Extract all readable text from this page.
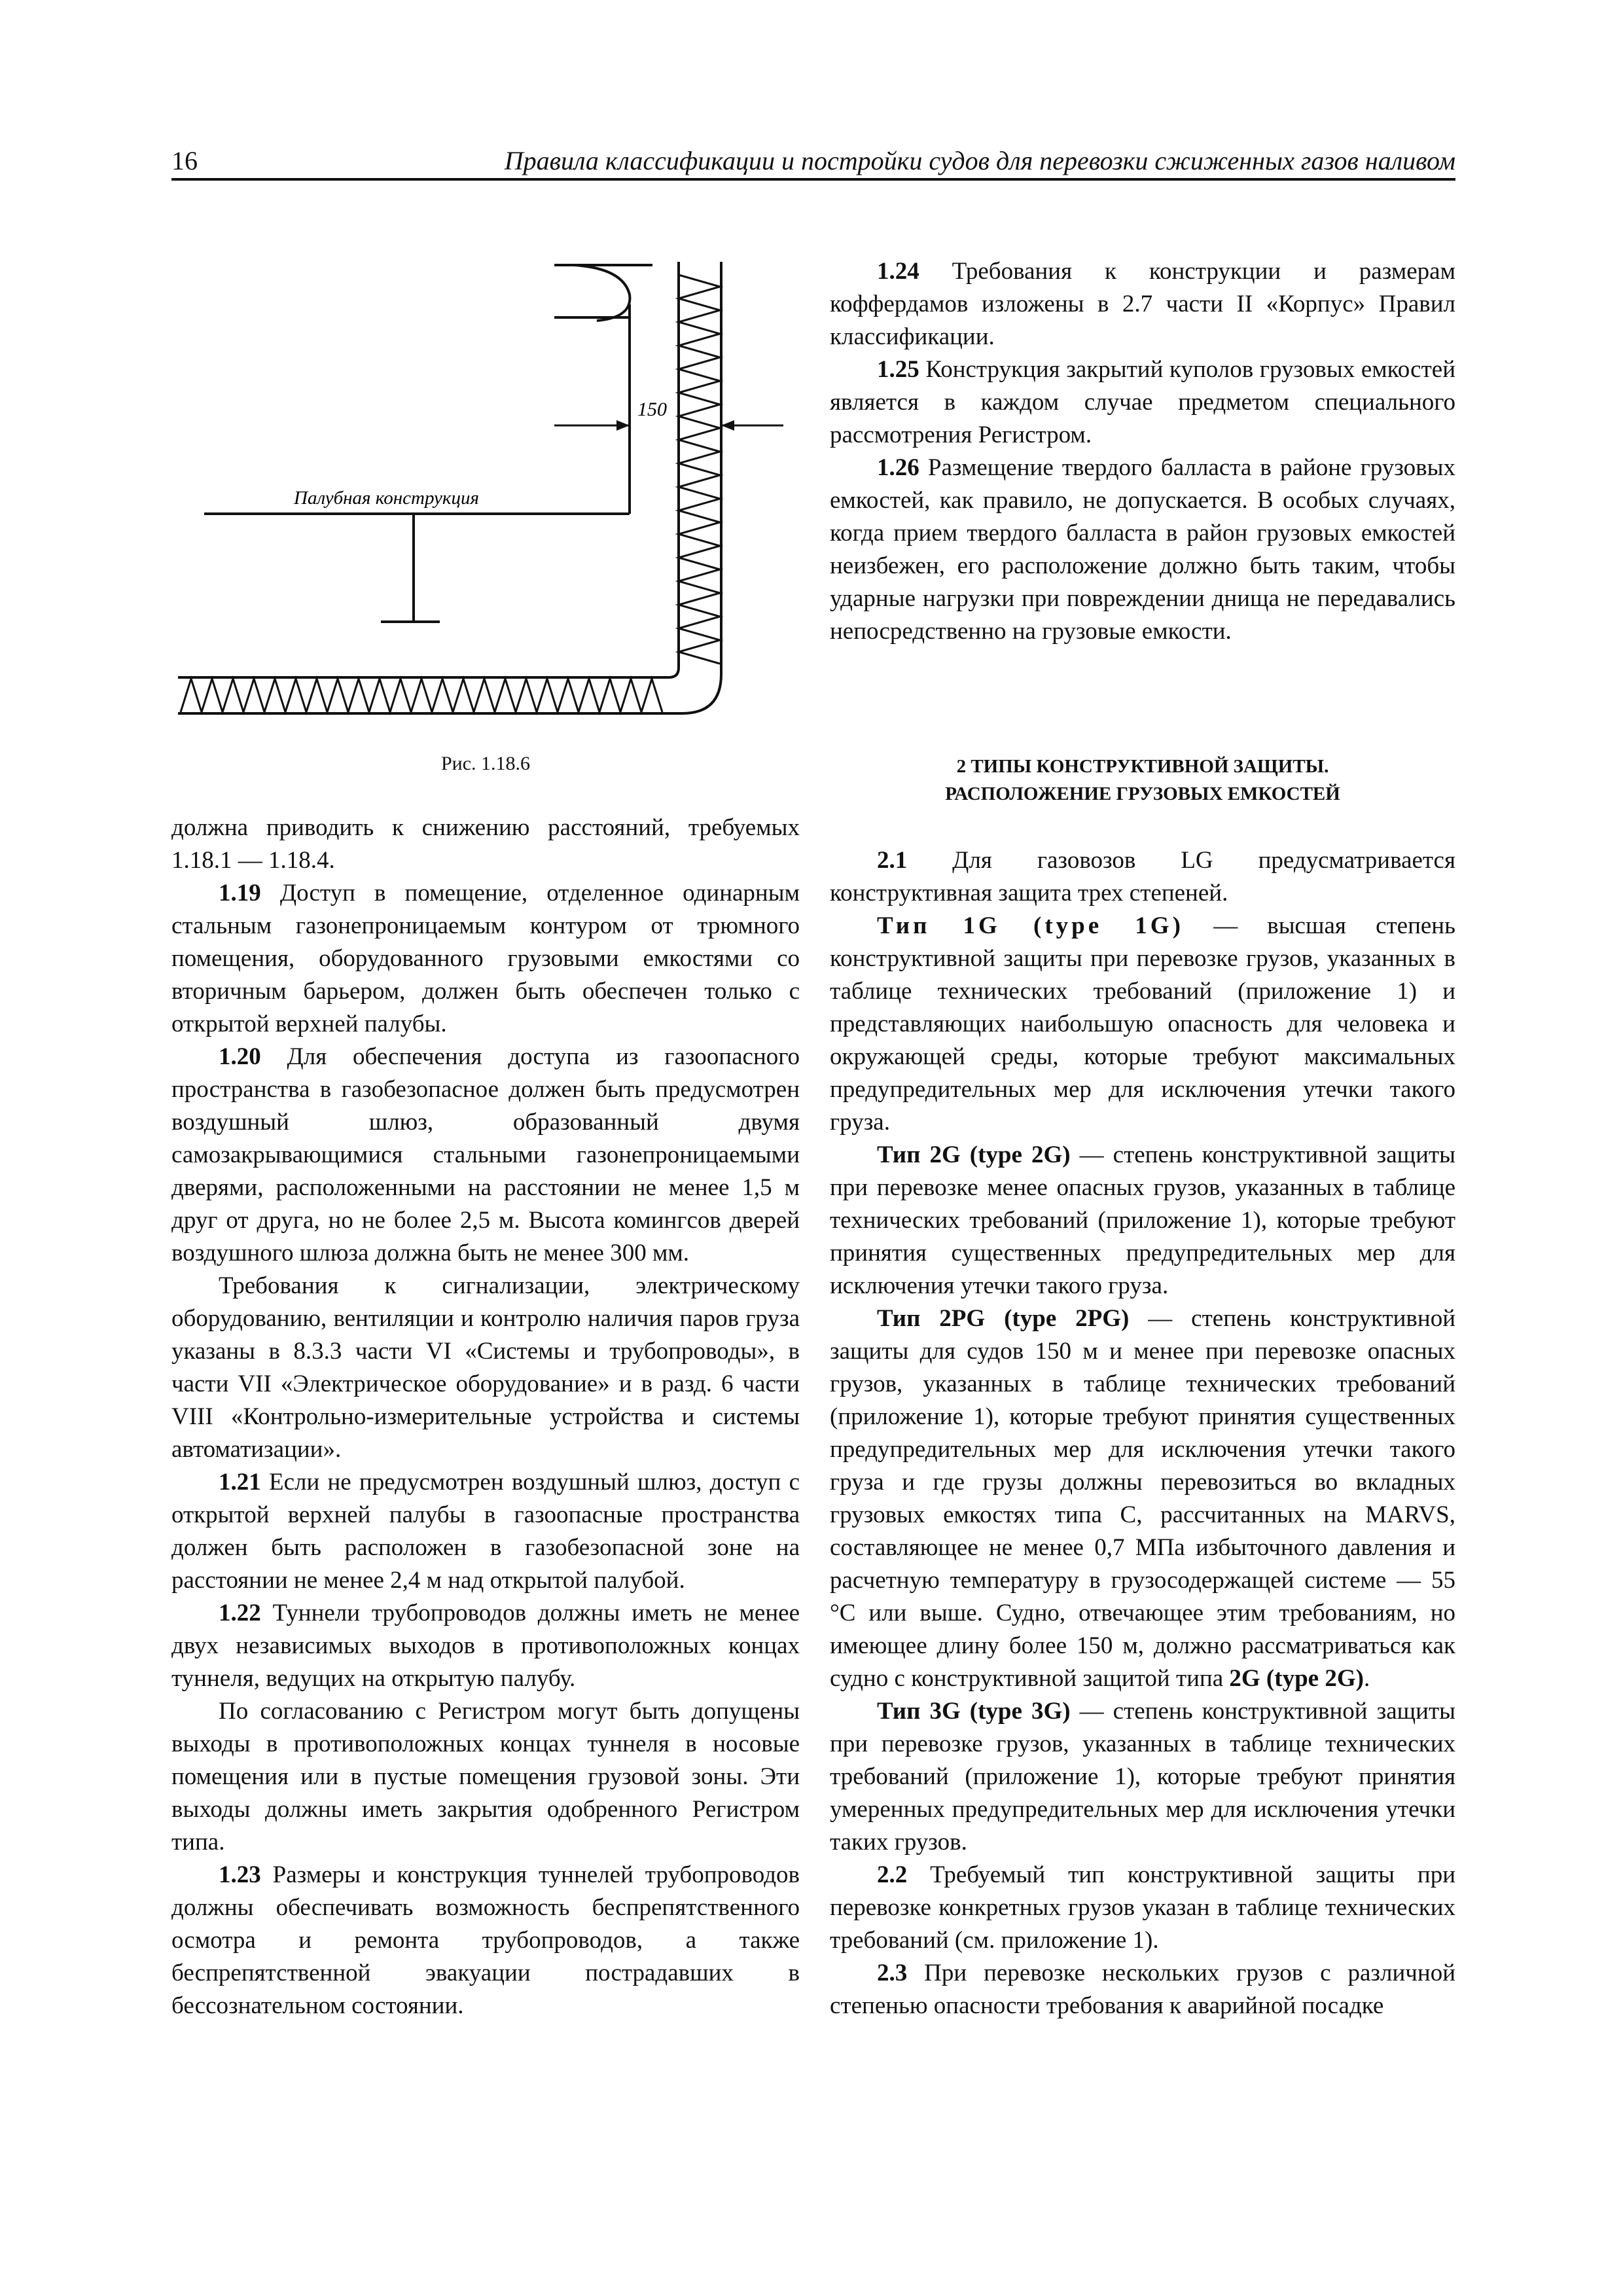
16	Правила классификации и постройки судов для перевозки сжиженных газов наливом
150
Палубная конструкция
Рис. 1.18.6

должна приводить к снижению расстояний, требуемых 1.18.1 — 1.18.4.

1.19 Доступ в помещение, отделенное одинарным стальным газонепроницаемым контуром от трюмного помещения, оборудованного грузовыми емкостями со вторичным барьером, должен быть обеспечен только с открытой верхней палубы.

1.20 Для обеспечения доступа из газоопасного пространства в газобезопасное должен быть предусмотрен воздушный шлюз, образованный двумя самозакрывающимися стальными газонепроницаемыми дверями, расположенными на расстоянии не менее 1,5 м друг от друга, но не более 2,5 м. Высота комингсов дверей воздушного шлюза должна быть не менее 300 мм.

Требования к сигнализации, электрическому оборудованию, вентиляции и контролю наличия паров груза указаны в 8.3.3 части VI «Системы и трубопроводы», в части VII «Электрическое оборудование» и в разд. 6 части VIII «Контрольно-измерительные устройства и системы автоматизации».

1.21 Если не предусмотрен воздушный шлюз, доступ с открытой верхней палубы в газоопасные пространства должен быть расположен в газобезопасной зоне на расстоянии не менее 2,4 м над открытой палубой.

1.22 Туннели трубопроводов должны иметь не менее двух независимых выходов в противоположных концах туннеля, ведущих на открытую палубу.

По согласованию с Регистром могут быть допущены выходы в противоположных концах туннеля в носовые помещения или в пустые помещения грузовой зоны. Эти выходы должны иметь закрытия одобренного Регистром типа.

1.23 Размеры и конструкция туннелей трубопроводов должны обеспечивать возможность беспрепятственного осмотра и ремонта трубопроводов, а также беспрепятственной эвакуации пострадавших в бессознательном состоянии.

1.24 Требования к конструкции и размерам коффердамов изложены в 2.7 части II «Корпус» Правил классификации.

1.25 Конструкция закрытий куполов грузовых емкостей является в каждом случае предметом специального рассмотрения Регистром.

1.26 Размещение твердого балласта в районе грузовых емкостей, как правило, не допускается. В особых случаях, когда прием твердого балласта в район грузовых емкостей неизбежен, его расположение должно быть таким, чтобы ударные нагрузки при повреждении днища не передавались непосредственно на грузовые емкости.

2 ТИПЫ КОНСТРУКТИВНОЙ ЗАЩИТЫ.
РАСПОЛОЖЕНИЕ ГРУЗОВЫХ ЕМКОСТЕЙ

2.1 Для газовозов LG предусматривается конструктивная защита трех степеней.

Тип 1G (type 1G) — высшая степень конструктивной защиты при перевозке грузов, указанных в таблице технических требований (приложение 1) и представляющих наибольшую опасность для человека и окружающей среды, которые требуют максимальных предупредительных мер для исключения утечки такого груза.

Тип 2G (type 2G) — степень конструктивной защиты при перевозке менее опасных грузов, указанных в таблице технических требований (приложение 1), которые требуют принятия существенных предупредительных мер для исключения утечки такого груза.

Тип 2PG (type 2PG) — степень конструктивной защиты для судов 150 м и менее при перевозке опасных грузов, указанных в таблице технических требований (приложение 1), которые требуют принятия существенных предупредительных мер для исключения утечки такого груза и где грузы должны перевозиться во вкладных грузовых емкостях типа С, рассчитанных на MARVS, составляющее не менее 0,7 МПа избыточного давления и расчетную температуру в грузосодержащей системе — 55 °С или выше. Судно, отвечающее этим требованиям, но имеющее длину более 150 м, должно рассматриваться как судно с конструктивной защитой типа 2G (type 2G).

Тип 3G (type 3G) — степень конструктивной защиты при перевозке грузов, указанных в таблице технических требований (приложение 1), которые требуют принятия умеренных предупредительных мер для исключения утечки таких грузов.

2.2 Требуемый тип конструктивной защиты при перевозке конкретных грузов указан в таблице технических требований (см. приложение 1).

2.3 При перевозке нескольких грузов с различной степенью опасности требования к аварийной посадке
